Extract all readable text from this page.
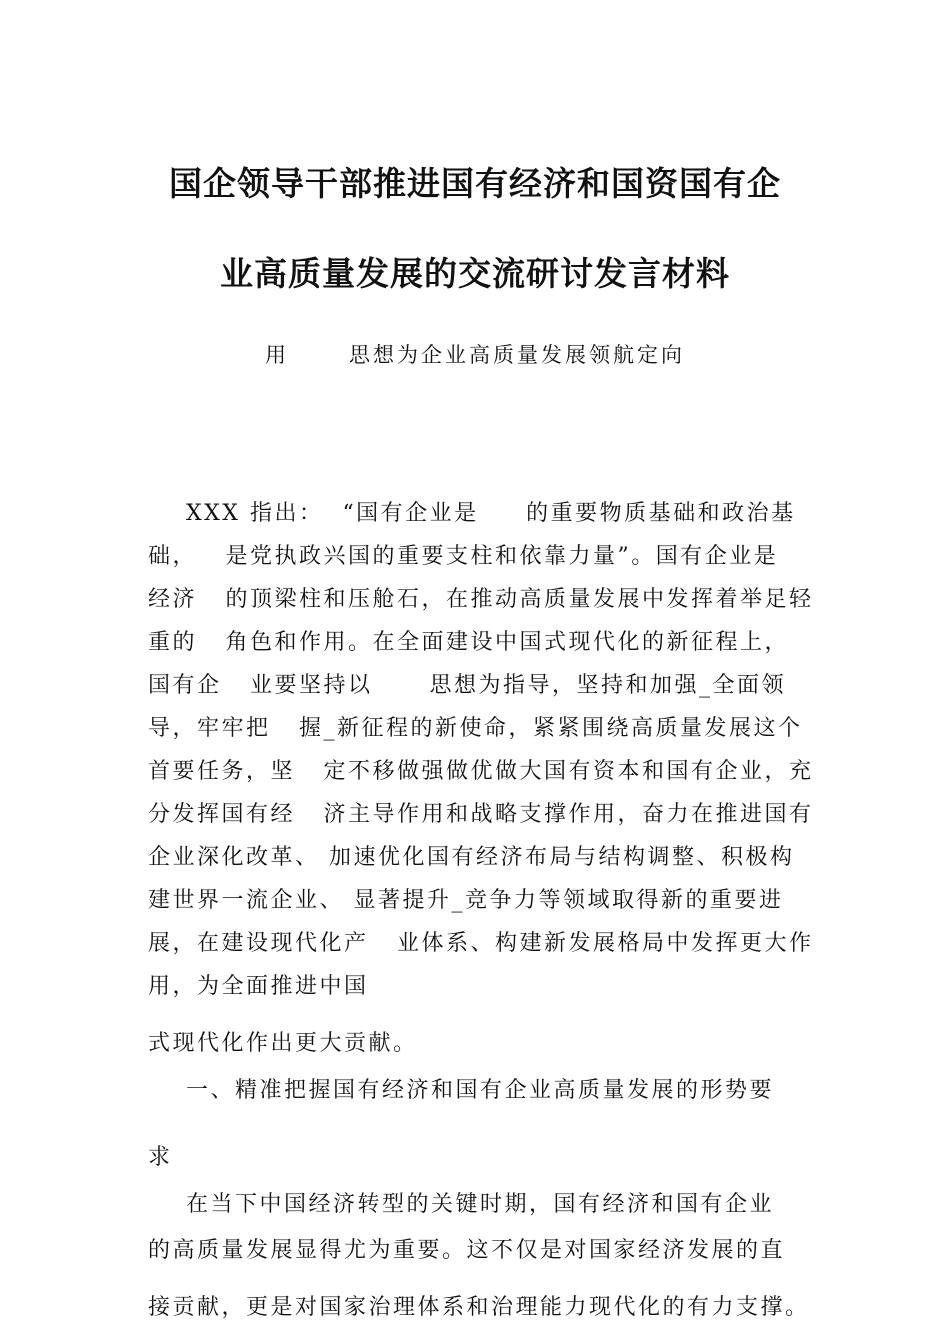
国企领导干部推进国有经济和国资国有企
业高质量发展的交流研讨发言材料
用	思想为企业高质量发展领航定向
XXX 指出：  “国有企业是     的重要物质基础和政治基
础，   是党执政兴国的重要支柱和依靠力量”。国有企业是
经济   的顶梁柱和压舱石，在推动高质量发展中发挥着举足轻
重的   角色和作用。在全面建设中国式现代化的新征程上，
国有企   业要坚持以      思想为指导，坚持和加强_全面领
导，牢牢把   握_新征程的新使命，紧紧围绕高质量发展这个
首要任务，坚   定不移做强做优做大国有资本和国有企业，充
分发挥国有经   济主导作用和战略支撑作用，奋力在推进国有
企业深化改革、 加速优化国有经济布局与结构调整、积极构
建世界一流企业、 显著提升_竞争力等领域取得新的重要进
展，在建设现代化产   业体系、构建新发展格局中发挥更大作
用，为全面推进中国
式现代化作出更大贡献。
一、精准把握国有经济和国有企业高质量发展的形势要
求
在当下中国经济转型的关键时期，国有经济和国有企业
的高质量发展显得尤为重要。这不仅是对国家经济发展的直
接贡献，更是对国家治理体系和治理能力现代化的有力支撑。
